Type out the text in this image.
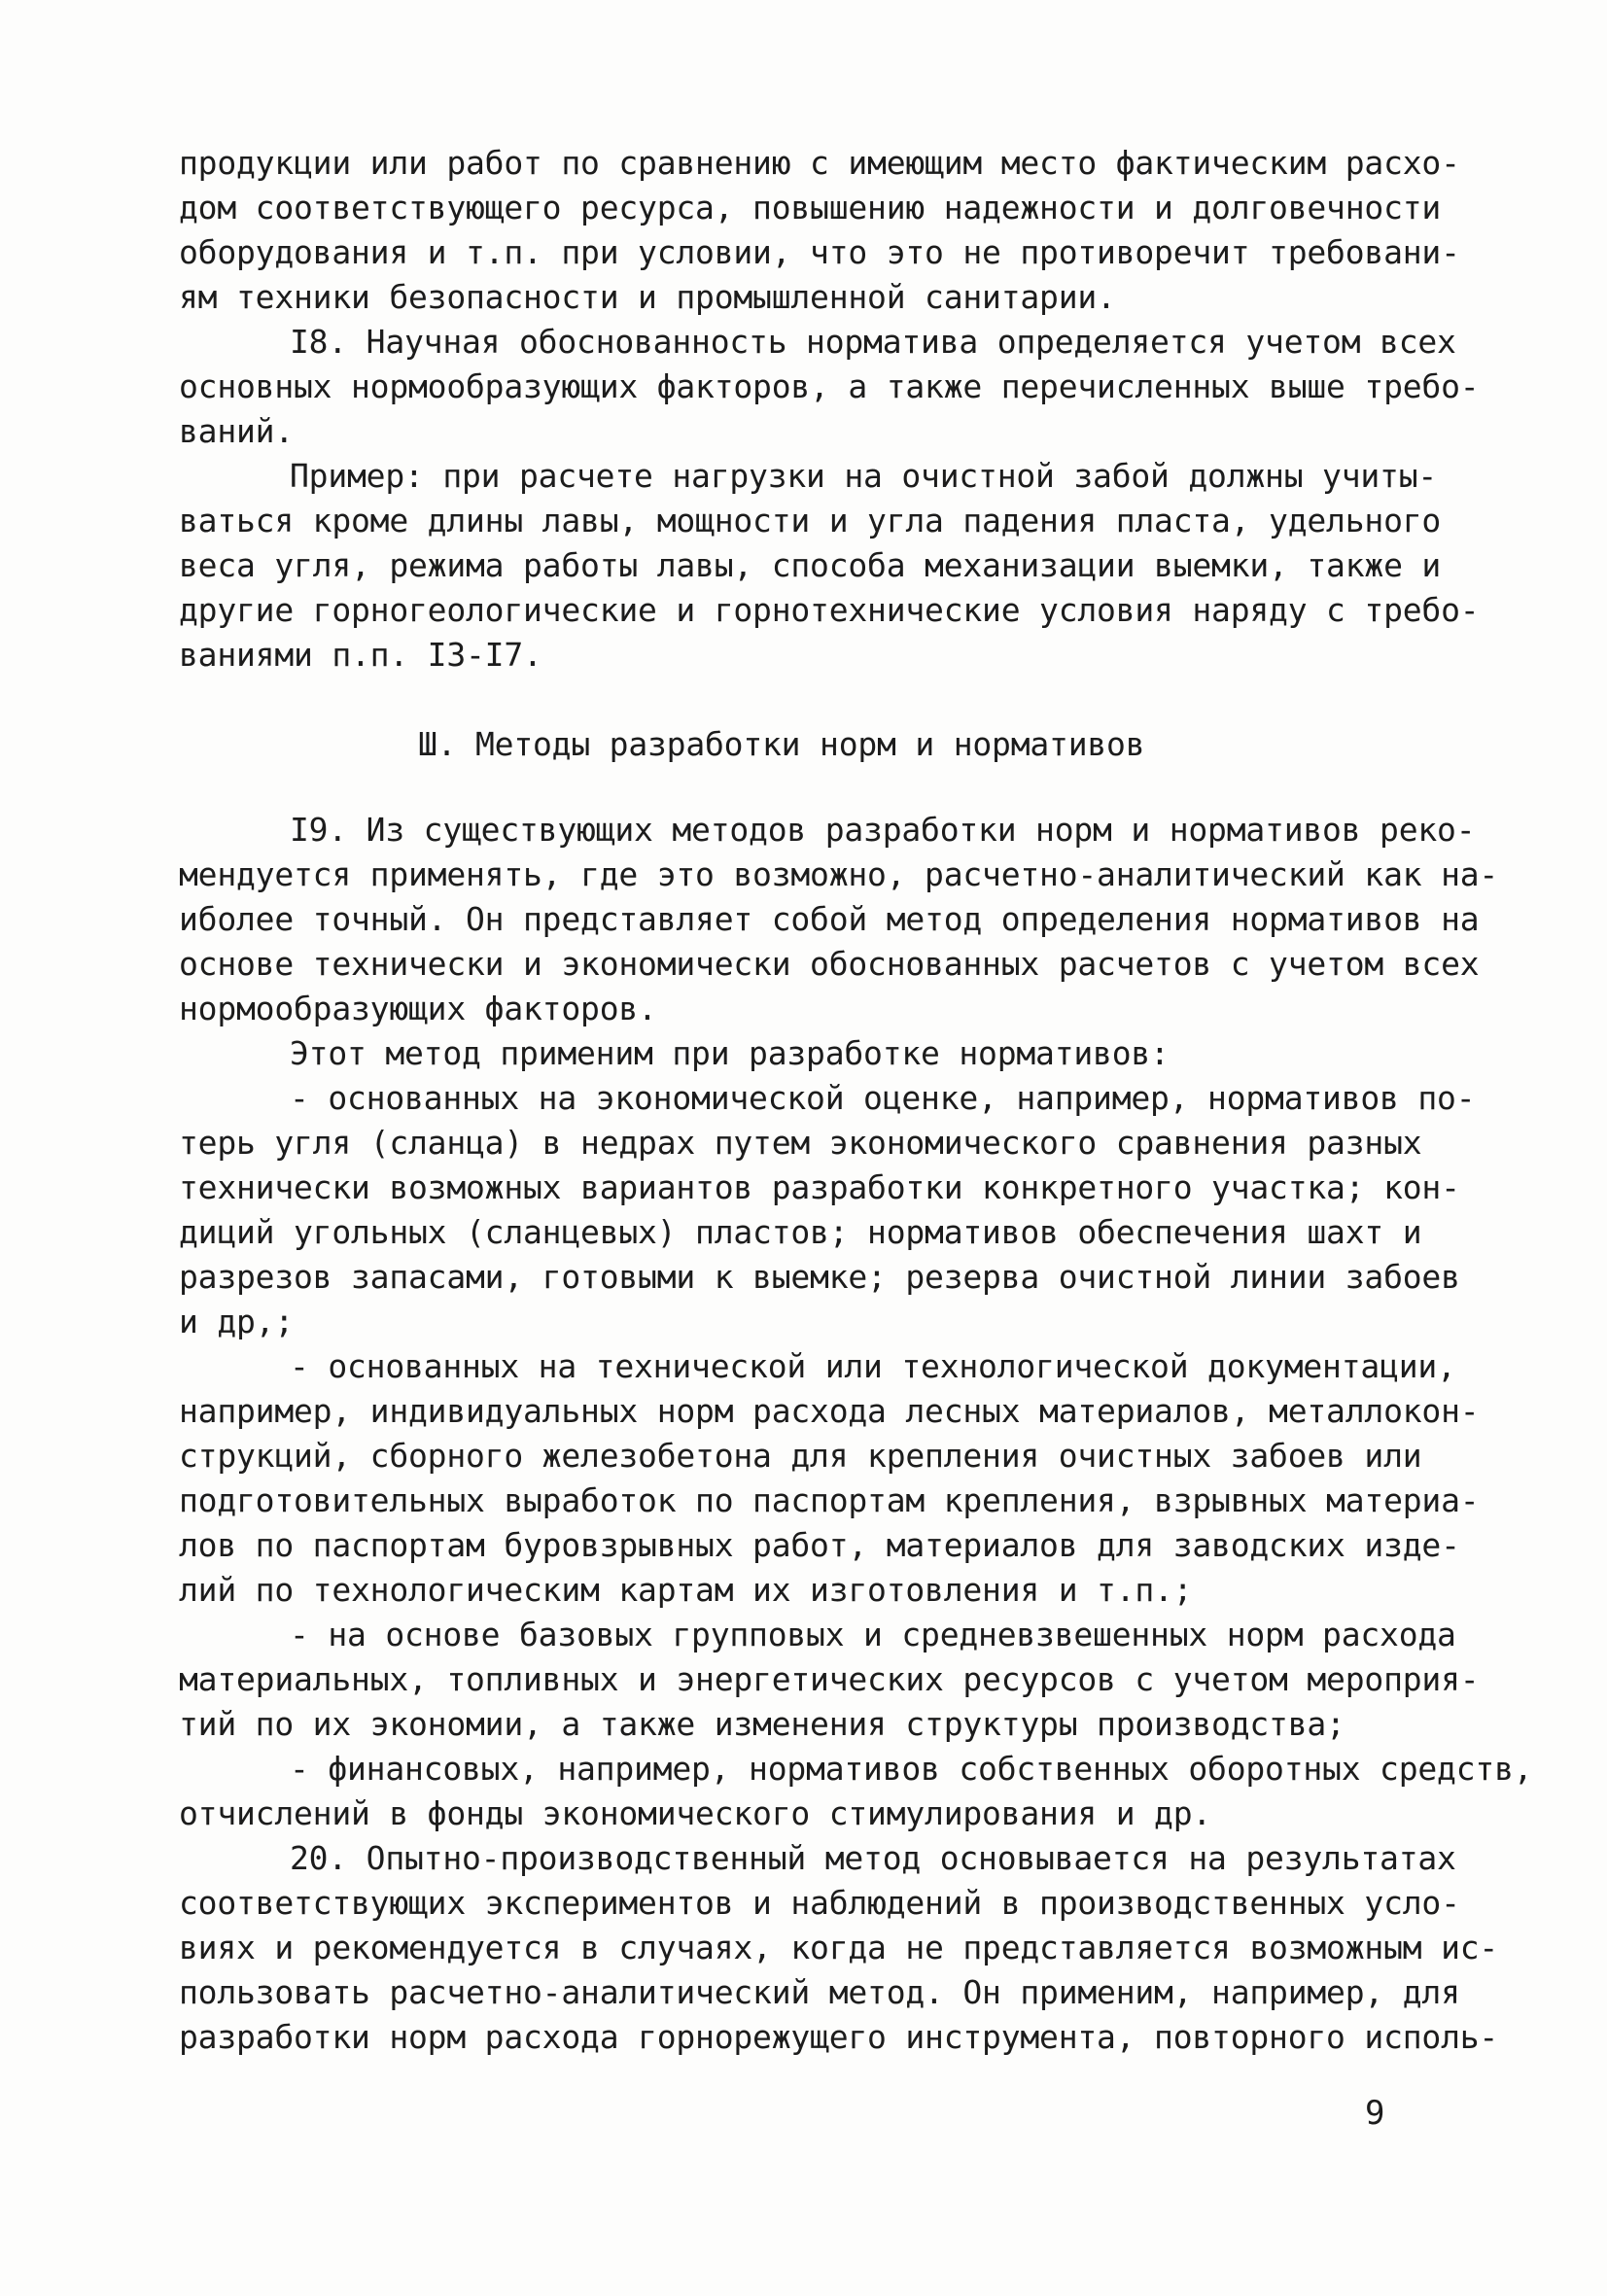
продукции или работ по сравнению с имеющим место фактическим расхо-
дом соответствующего ресурса, повышению надежности и долговечности
оборудования и т.п. при условии, что это не противоречит требовани-
ям техники безопасности и промышленной санитарии.
I8. Научная обоснованность норматива определяется учетом всех
основных нормообразующих факторов, а также перечисленных выше требо-
ваний.
Пример: при расчете нагрузки на очистной забой должны учиты-
ваться кроме длины лавы, мощности и угла падения пласта, удельного
веса угля, режима работы лавы, способа механизации выемки, также и
другие горногеологические и горнотехнические условия наряду с требо-
ваниями п.п. I3-I7.
Ш. Методы разработки норм и нормативов
I9. Из существующих методов разработки норм и нормативов реко-
мендуется применять, где это возможно, расчетно-аналитический как на-
иболее точный. Он представляет собой метод определения нормативов на
основе технически и экономически обоснованных расчетов с учетом всех
нормообразующих факторов.
Этот метод применим при разработке нормативов:
- основанных на экономической оценке, например, нормативов по-
терь угля (сланца) в недрах путем экономического сравнения разных
технически возможных вариантов разработки конкретного участка; кон-
диций угольных (сланцевых) пластов; нормативов обеспечения шахт и
разрезов запасами, готовыми к выемке; резерва очистной линии забоев
и др,;
- основанных на технической или технологической документации,
например, индивидуальных норм расхода лесных материалов, металлокон-
струкций, сборного железобетона для крепления очистных забоев или
подготовительных выработок по паспортам крепления, взрывных материа-
лов по паспортам буровзрывных работ, материалов для заводских изде-
лий по технологическим картам их изготовления и т.п.;
- на основе базовых групповых и средневзвешенных норм расхода
материальных, топливных и энергетических ресурсов с учетом мероприя-
тий по их экономии, а также изменения структуры производства;
- финансовых, например, нормативов собственных оборотных средств,
отчислений в фонды экономического стимулирования и др.
20. Опытно-производственный метод основывается на результатах
соответствующих экспериментов и наблюдений в производственных усло-
виях и рекомендуется в случаях, когда не представляется возможным ис-
пользовать расчетно-аналитический метод. Он применим, например, для
разработки норм расхода горнорежущего инструмента, повторного исполь-
9
